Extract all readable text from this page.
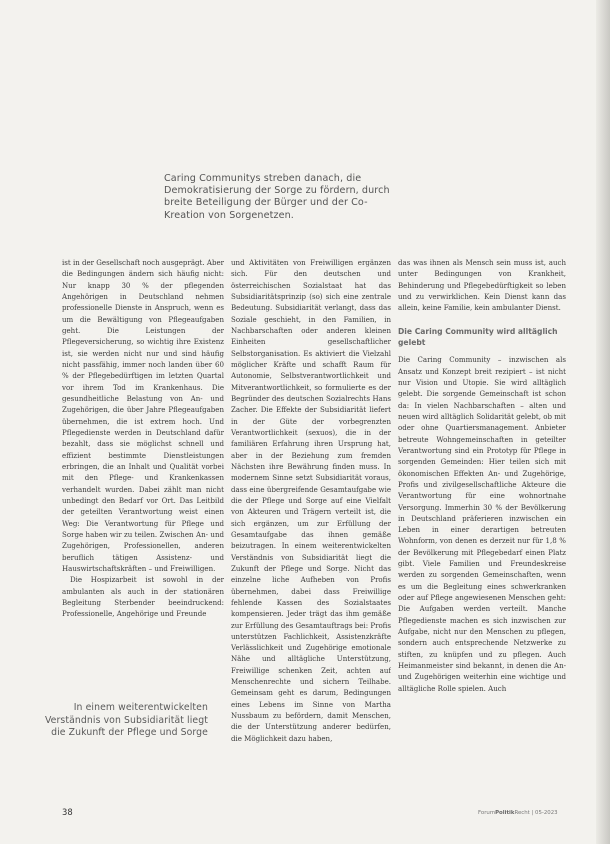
Caring Communitys streben danach, die Demokratisierung der Sorge zu fördern, durch breite Beteiligung der Bürger und der Co-Kreation von Sorgenetzen.

ist in der Gesellschaft noch ausgeprägt. Aber die Bedingungen ändern sich häufig nicht: Nur knapp 30 % der pflegenden Angehörigen in Deutschland nehmen professionelle Dienste in Anspruch, wenn es um die Bewältigung von Pflegeaufgaben geht. Die Leistungen der Pflegeversicherung, so wichtig ihre Existenz ist, sie werden nicht nur und sind häufig nicht passfähig, immer noch landen über 60 % der Pflegebedürftigen im letzten Quartal vor ihrem Tod im Krankenhaus. Die gesundheitliche Belastung von An- und Zugehörigen, die über Jahre Pflegeaufgaben übernehmen, die ist extrem hoch. Und Pflegedienste werden in Deutschland dafür bezahlt, dass sie möglichst schnell und effizient bestimmte Dienstleistungen erbringen, die an Inhalt und Qualität vorbei mit den Pflege- und Krankenkassen verhandelt wurden. Dabei zählt man nicht unbedingt den Bedarf vor Ort. Das Leitbild der geteilten Verantwortung weist einen Weg: Die Verantwortung für Pflege und Sorge haben wir zu teilen. Zwischen An- und Zugehörigen, Professionellen, anderen beruflich tätigen Assistenz- und Hauswirtschaftskräften – und Freiwilligen.

Die Hospizarbeit ist sowohl in der ambulanten als auch in der stationären Begleitung Sterbender beeindruckend: Professionelle, Angehörige und Freunde

und Aktivitäten von Freiwilligen ergänzen sich. Für den deutschen und österreichischen Sozialstaat hat das Subsidiaritätsprinzip (so) sich eine zentrale Bedeutung. Subsidiarität verlangt, dass das Soziale geschieht, in den Familien, in Nachbarschaften oder anderen kleinen Einheiten gesellschaftlicher Selbstorganisation. Es aktiviert die Vielzahl möglicher Kräfte und schafft Raum für Autonomie, Selbstverantwortlichkeit und Mitverantwortlichkeit, so formulierte es der Begründer des deutschen Sozialrechts Hans Zacher. Die Effekte der Subsidiarität liefert in der Güte der vorbegrenzten Verantwortlichkeit (sexuos), die in der familiären Erfahrung ihren Ursprung hat, aber in der Beziehung zum fremden Nächsten ihre Bewährung finden muss. In modernem Sinne setzt Subsidiarität voraus, dass eine übergreifende Gesamtaufgabe wie die der Pflege und Sorge auf eine Vielfalt von Akteuren und Trägern verteilt ist, die sich ergänzen, um zur Erfüllung der Gesamtaufgabe das ihnen gemäße beizutragen. In einem weiterentwickelten Verständnis von Subsidiarität liegt die Zukunft der Pflege und Sorge. Nicht das einzelne liche Aufheben von Profis übernehmen, dabei dass Freiwillige fehlende Kassen des Sozialstaates kompensieren. Jeder trägt das ihm gemäße zur Erfüllung des Gesamtauftrags bei: Profis unterstützen Fachlichkeit, Assistenzkräfte Verlässlichkeit und Zugehörige emotionale Nähe und alltägliche Unterstützung, Freiwillige schenken Zeit, achten auf Menschenrechte und sichern Teilhabe. Gemeinsam geht es darum, Bedingungen eines Lebens im Sinne von Martha Nussbaum zu befördern, damit Menschen, die der Unterstützung anderer bedürfen, die Möglichkeit dazu haben,

das was ihnen als Mensch sein muss ist, auch unter Bedingungen von Krankheit, Behinderung und Pflegebedürftigkeit so leben und zu verwirklichen. Kein Dienst kann das allein, keine Familie, kein ambulanter Dienst.

Die Caring Community wird alltäglich gelebt

Die Caring Community – inzwischen als Ansatz und Konzept breit rezipiert – ist nicht nur Vision und Utopie. Sie wird alltäglich gelebt. Die sorgende Gemeinschaft ist schon da: In vielen Nachbarschaften – alten und neuen wird alltäglich Solidarität gelebt, ob mit oder ohne Quartiersmanagement. Anbieter betreute Wohngemeinschaften in geteilter Verantwortung sind ein Prototyp für Pflege in sorgenden Gemeinden: Hier teilen sich mit ökonomischen Effekten An- und Zugehörige, Profis und zivilgesellschaftliche Akteure die Verantwortung für eine wohnortnahe Versorgung. Immerhin 30 % der Bevölkerung in Deutschland präferieren inzwischen ein Leben in einer derartigen betreuten Wohnform, von denen es derzeit nur für 1,8 % der Bevölkerung mit Pflegebedarf einen Platz gibt. Viele Familien und Freundeskreise werden zu sorgenden Gemeinschaften, wenn es um die Begleitung eines schwerkranken oder auf Pflege angewiesenen Menschen geht: Die Aufgaben werden verteilt. Manche Pflegedienste machen es sich inzwischen zur Aufgabe, nicht nur den Menschen zu pflegen, sondern auch entsprechende Netzwerke zu stiften, zu knüpfen und zu pflegen. Auch Heimanmeister sind bekannt, in denen die An- und Zugehörigen weiterhin eine wichtige und alltägliche Rolle spielen. Auch

In einem weiterentwickelten Verständnis von Subsidiarität liegt die Zukunft der Pflege und Sorge
38	ForumPolitikRecht | 05-2023
